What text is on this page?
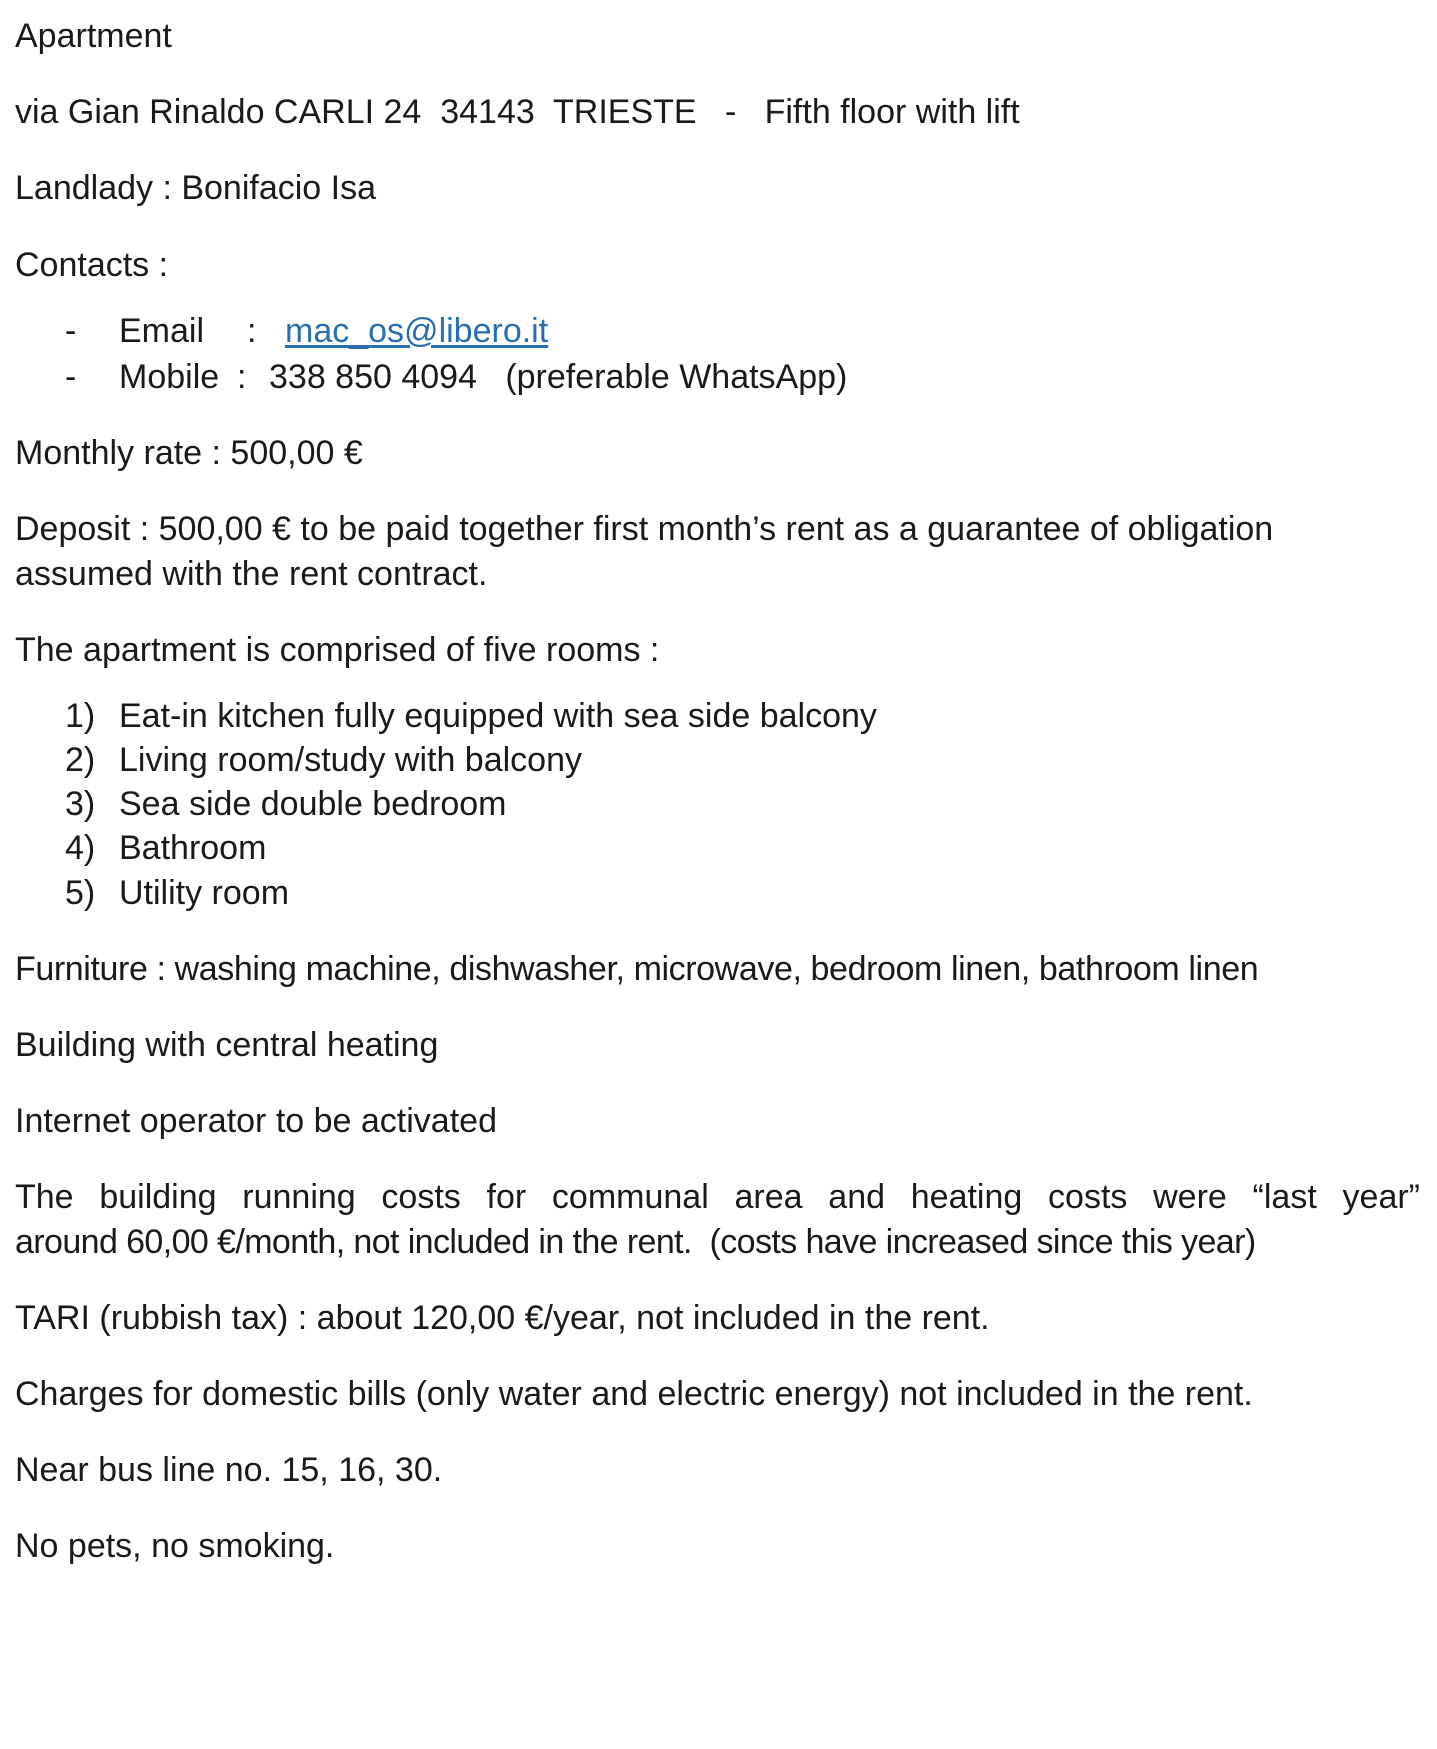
Apartment
via Gian Rinaldo CARLI 24  34143  TRIESTE   -   Fifth floor with lift
Landlady : Bonifacio Isa
Contacts :
-	Email	: mac_os@libero.it
-	Mobile : 338 850 4094   (preferable WhatsApp)
Monthly rate : 500,00 €
Deposit : 500,00 € to be paid together first month’s rent as a guarantee of obligation
assumed with the rent contract.
The apartment is comprised of five rooms :
1) Eat-in kitchen fully equipped with sea side balcony
2) Living room/study with balcony
3) Sea side double bedroom
4) Bathroom
5) Utility room
Furniture : washing machine, dishwasher, microwave, bedroom linen, bathroom linen
Building with central heating
Internet operator to be activated
The building running costs for communal area and heating costs were “last year”
around 60,00 €/month, not included in the rent.  (costs have increased since this year)
TARI (rubbish tax) : about 120,00 €/year, not included in the rent.
Charges for domestic bills (only water and electric energy) not included in the rent.
Near bus line no. 15, 16, 30.
No pets, no smoking.
